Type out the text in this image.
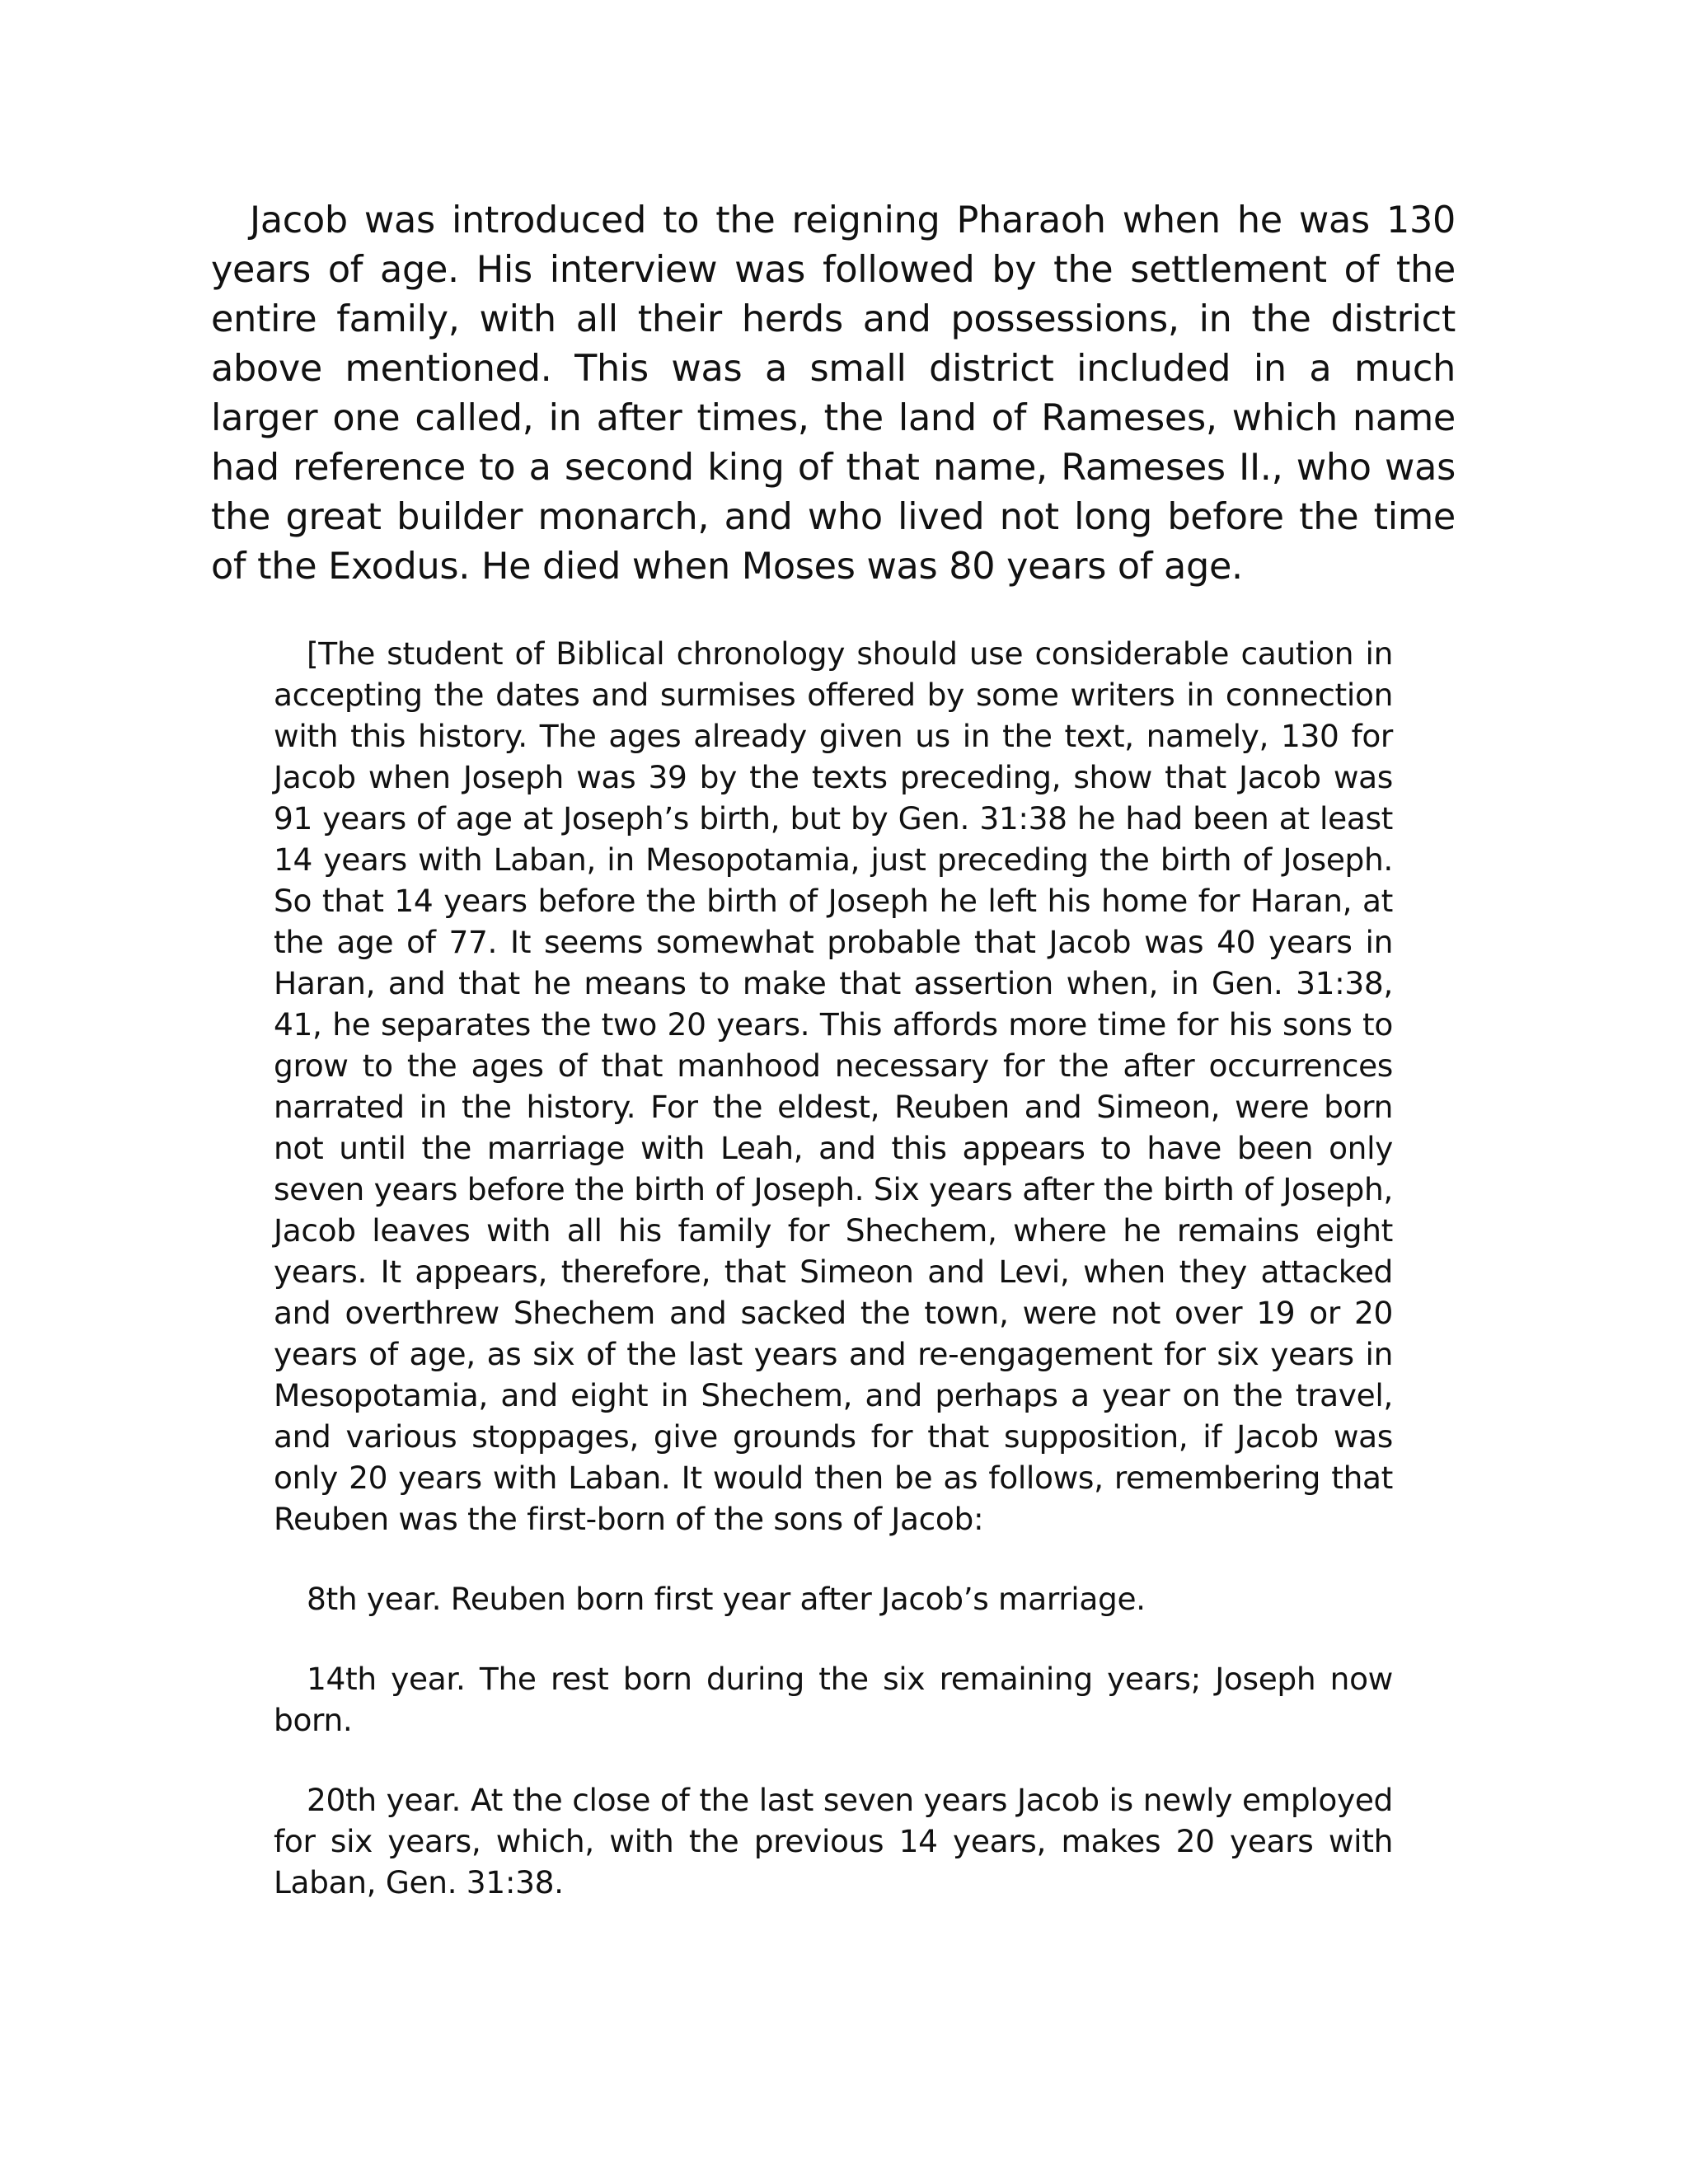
Jacob was introduced to the reigning Pharaoh when he was 130 years of age. His interview was followed by the settlement of the entire family, with all their herds and possessions, in the district above mentioned. This was a small district included in a much larger one called, in after times, the land of Rameses, which name had reference to a second king of that name, Rameses II., who was the great builder monarch, and who lived not long before the time of the Exodus. He died when Moses was 80 years of age.

[The student of Biblical chronology should use considerable caution in accepting the dates and surmises offered by some writers in connection with this history. The ages already given us in the text, namely, 130 for Jacob when Joseph was 39 by the texts preceding, show that Jacob was 91 years of age at Joseph’s birth, but by Gen. 31:38 he had been at least 14 years with Laban, in Mesopotamia, just preceding the birth of Joseph. So that 14 years before the birth of Joseph he left his home for Haran, at the age of 77. It seems somewhat probable that Jacob was 40 years in Haran, and that he means to make that assertion when, in Gen. 31:38, 41, he separates the two 20 years. This affords more time for his sons to grow to the ages of that manhood necessary for the after occurrences narrated in the history. For the eldest, Reuben and Simeon, were born not until the marriage with Leah, and this appears to have been only seven years before the birth of Joseph. Six years after the birth of Joseph, Jacob leaves with all his family for Shechem, where he remains eight years. It appears, therefore, that Simeon and Levi, when they attacked and overthrew Shechem and sacked the town, were not over 19 or 20 years of age, as six of the last years and re-engagement for six years in Mesopotamia, and eight in Shechem, and perhaps a year on the travel, and various stoppages, give grounds for that supposition, if Jacob was only 20 years with Laban. It would then be as follows, remembering that Reuben was the first-born of the sons of Jacob:

8th year. Reuben born first year after Jacob’s marriage.

14th year. The rest born during the six remaining years; Joseph now born.

20th year. At the close of the last seven years Jacob is newly employed for six years, which, with the previous 14 years, makes 20 years with Laban, Gen. 31:38.
